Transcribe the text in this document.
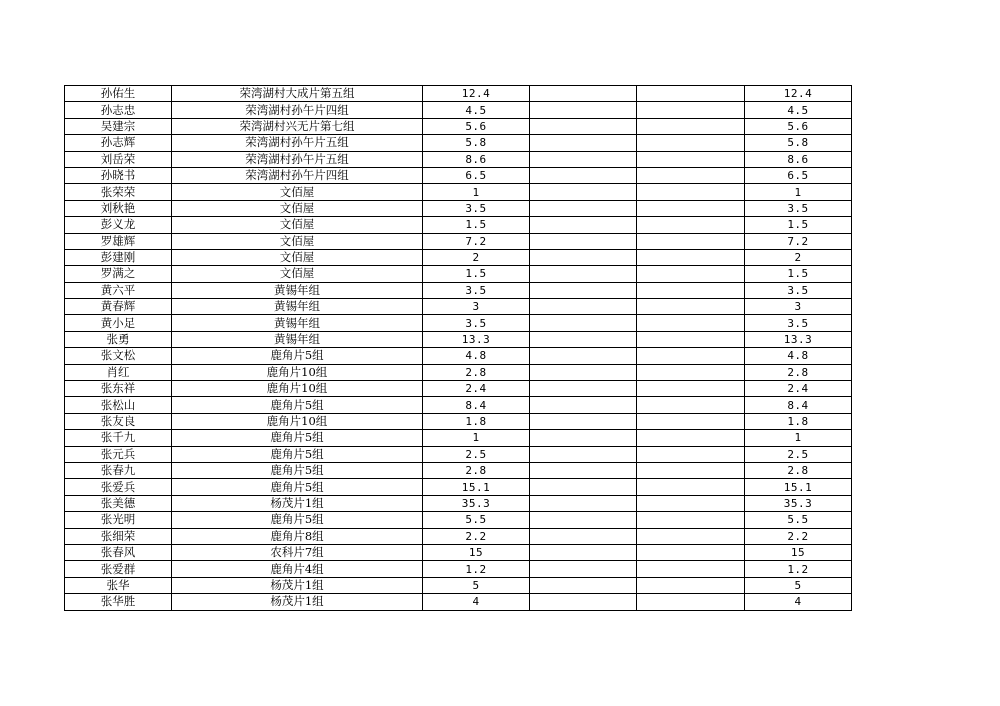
孙佑生	荣湾湖村大成片第五组	12.4			12.4
孙志忠	荣湾湖村孙午片四组	4.5			4.5
吴建宗	荣湾湖村兴无片第七组	5.6			5.6
孙志辉	荣湾湖村孙午片五组	5.8			5.8
刘岳荣	荣湾湖村孙午片五组	8.6			8.6
孙晓书	荣湾湖村孙午片四组	6.5			6.5
张荣荣	文佰屋	1			1
刘秋艳	文佰屋	3.5			3.5
彭义龙	文佰屋	1.5			1.5
罗雄辉	文佰屋	7.2			7.2
彭建刚	文佰屋	2			2
罗满之	文佰屋	1.5			1.5
黄六平	黄锡年组	3.5			3.5
黄春辉	黄锡年组	3			3
黄小足	黄锡年组	3.5			3.5
张勇	黄锡年组	13.3			13.3
张文松	鹿角片5组	4.8			4.8
肖红	鹿角片10组	2.8			2.8
张东祥	鹿角片10组	2.4			2.4
张松山	鹿角片5组	8.4			8.4
张友良	鹿角片10组	1.8			1.8
张千九	鹿角片5组	1			1
张元兵	鹿角片5组	2.5			2.5
张春九	鹿角片5组	2.8			2.8
张爱兵	鹿角片5组	15.1			15.1
张美德	杨茂片1组	35.3			35.3
张光明	鹿角片5组	5.5			5.5
张细荣	鹿角片8组	2.2			2.2
张春风	农科片7组	15			15
张爱群	鹿角片4组	1.2			1.2
张华	杨茂片1组	5			5
张华胜	杨茂片1组	4			4
